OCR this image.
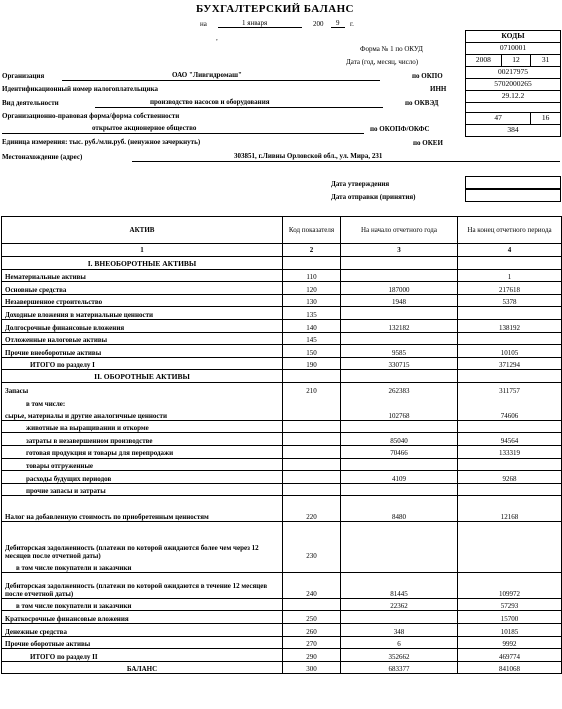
БУХГАЛТЕРСКИЙ БАЛАНС
на	1 января	200 9 г.
,	КОДЫ		
0710001		
2008	12	31
00217975		
5702000265		
29.12.2		

47		16
384		
Форма № 1 по ОКУД
Дата (год, месяц, число)
Организация	ОАО "Ливгидромаш"	по ОКПО
Идентификационный номер налогоплательщика	ИНН
Вид деятельности	производство насосов и оборудования	по ОКВЭД
Организационно-правовая форма/форма собственности
открытое акционерное общество	по ОКОПФ/ОКФС
Единица измерения: тыс. руб./млн.руб. (ненужное зачеркнуть)	по ОКЕИ
Местонахождение (адрес)	303851, г.Ливны Орловской обл., ул. Мира, 231
Дата утверждения
Дата отправки (принятия)
АКТИВ	Код показателя	На начало отчетного года	На конец отчетного периода
1	2	3	4
I. ВНЕОБОРОТНЫЕ АКТИВЫ			
Нематериальные активы	110		1
Основные средства	120	187000	217618
Незавершенное строительство	130	1948	5378
Доходные вложения в материальные ценности	135		
Долгосрочные финансовые вложения	140	132182	138192
Отложенные налоговые активы	145		
Прочие внеоборотные активы	150	9585	10105
ИТОГО по разделу I	190	330715	371294
II. ОБОРОТНЫЕ АКТИВЫ			
Запасы	210	262383	311757
в том числе:			
сырье, материалы и другие аналогичные ценности		102768	74606
животные на выращивании и откорме			
затраты в незавершенном производстве		85040	94564
готовая продукция и товары для перепродажи		70466	133319
товары отгруженные			
расходы будущих периодов		4109	9268
прочие запасы и затраты			
Налог на добавленную стоимость по приобретенным ценностям	220	8480	12168
Дебиторская задолженность (платежи по которой ожидаются более чем через 12 месяцев после отчетной даты)	230		
в том числе покупатели и заказчики			
Дебиторская задолженность (платежи по которой ожидаются в течение 12 месяцев после отчетной даты)	240	81445	109972
в том числе покупатели и заказчики		22362	57293
Краткосрочные финансовые вложения	250		15700
Денежные средства	260	348	10185
Прочие оборотные активы	270	6	9992
ИТОГО по разделу II	290	352662	469774
БАЛАНС	300	683377	841068
